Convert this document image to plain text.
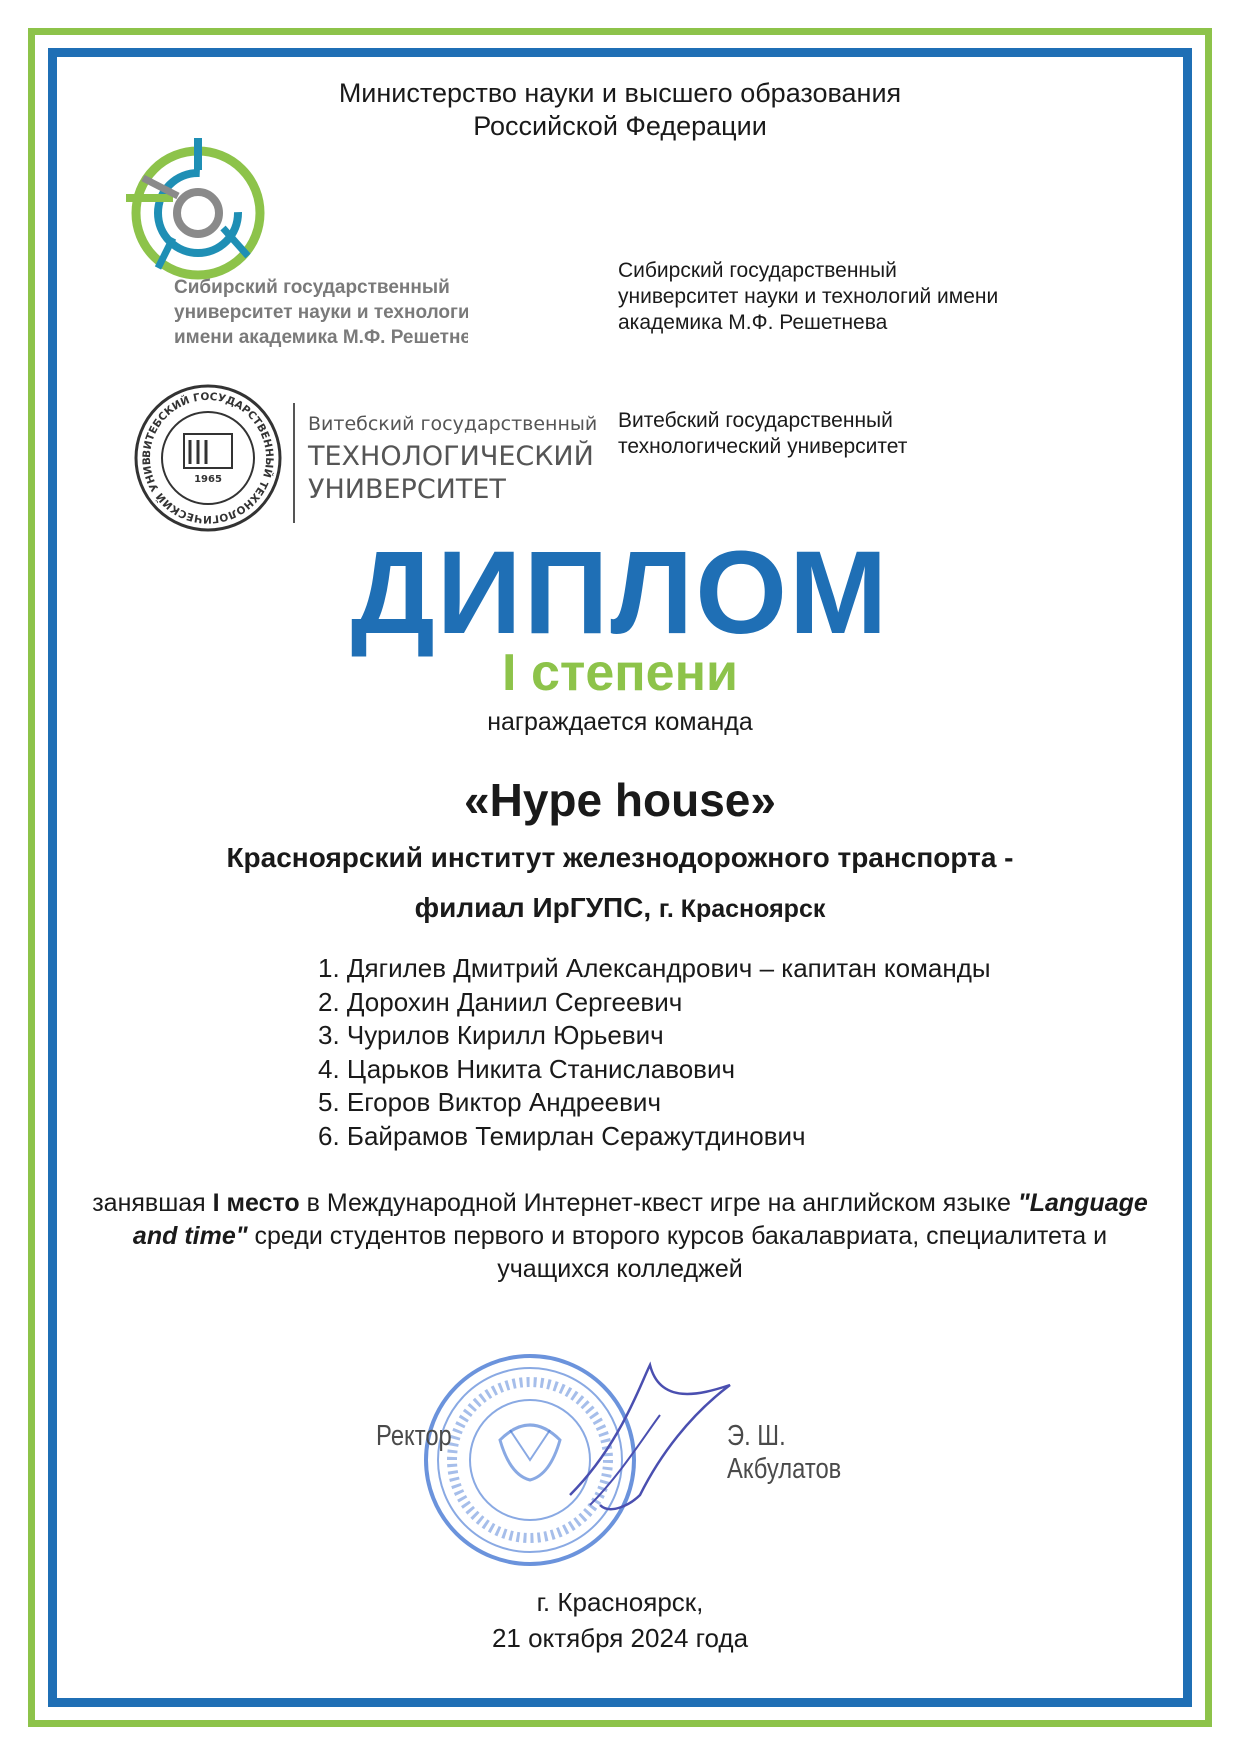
Министерство науки и высшего образования
Российской Федерации
Сибирский государственный
университет науки и технологий
имени академика М.Ф. Решетнева
Сибирский государственный
университет науки и технологий имени
академика М.Ф. Решетнева
ВИТЕБСКИЙ ГОСУДАРСТВЕННЫЙ ТЕХНОЛОГИЧЕСКИЙ УНИВ
1965
Витебский государственный
ТЕХНОЛОГИЧЕСКИЙ
УНИВЕРСИТЕТ
Витебский государственный
технологический университет
ДИПЛОМ
I степени
награждается команда
«Hype house»
Красноярский институт железнодорожного транспорта -
филиал ИрГУПС, г. Красноярск
1. Дягилев Дмитрий Александрович – капитан команды
2. Дорохин Даниил Сергеевич
3. Чурилов Кирилл Юрьевич
4. Царьков Никита Станиславович
5. Егоров Виктор Андреевич
6. Байрамов Темирлан Серажутдинович
занявшая I место в Международной Интернет-квест игре на английском языке "Language and time" среди студентов первого и второго курсов бакалавриата, специалитета и учащихся колледжей
Ректор	Э. Ш. Акбулатов
г. Красноярск,
21 октября 2024 года
